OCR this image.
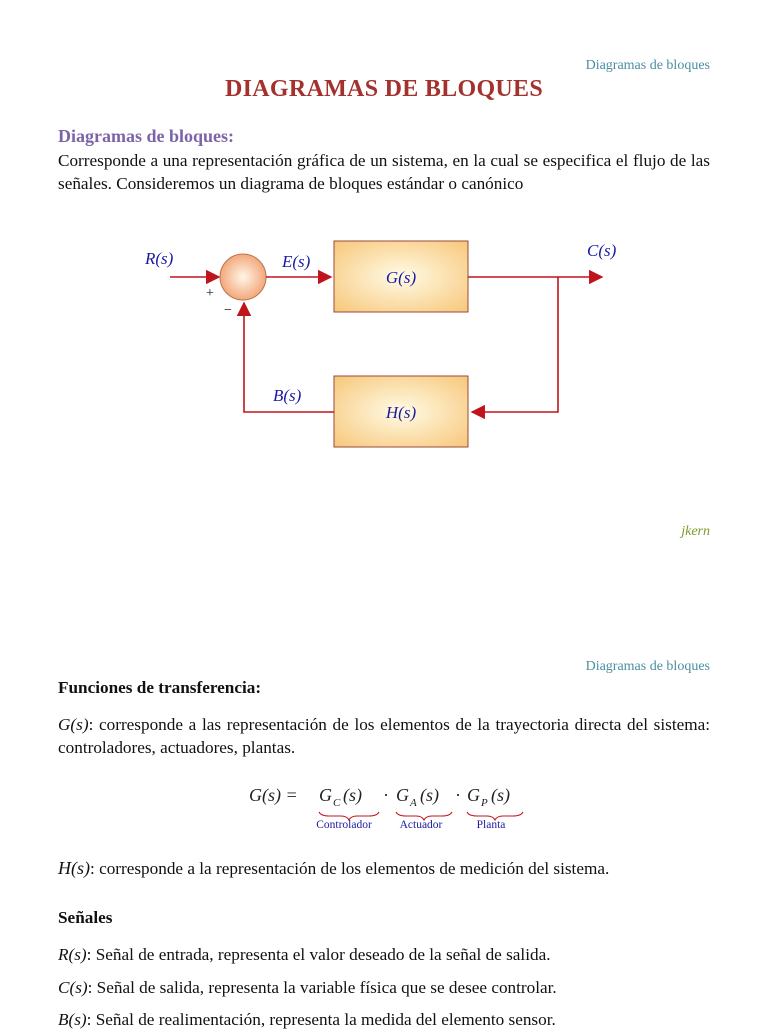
Diagramas de bloques
DIAGRAMAS DE BLOQUES
Diagramas de bloques:
Corresponde a una representación gráfica de un sistema, en la cual se especifica el flujo de las señales. Consideremos un diagrama de bloques estándar o canónico
R(s)	E(s)
C(s)
B(s)
G(s)
H(s)
+
−
jkern
Diagramas de bloques
Funciones de transferencia:
G(s): corresponde a las representación de los elementos de la trayectoria directa del sistema: controladores, actuadores, plantas.
G(s) = G C (s) · G A (s) · G P (s)
Controlador Actuador	Planta
H(s): corresponde a la representación de los elementos de medición del sistema.
Señales
R(s): Señal de entrada, representa el valor deseado de la señal de salida.
C(s): Señal de salida, representa la variable física que se desee controlar.
B(s): Señal de realimentación, representa la medida del elemento sensor.
